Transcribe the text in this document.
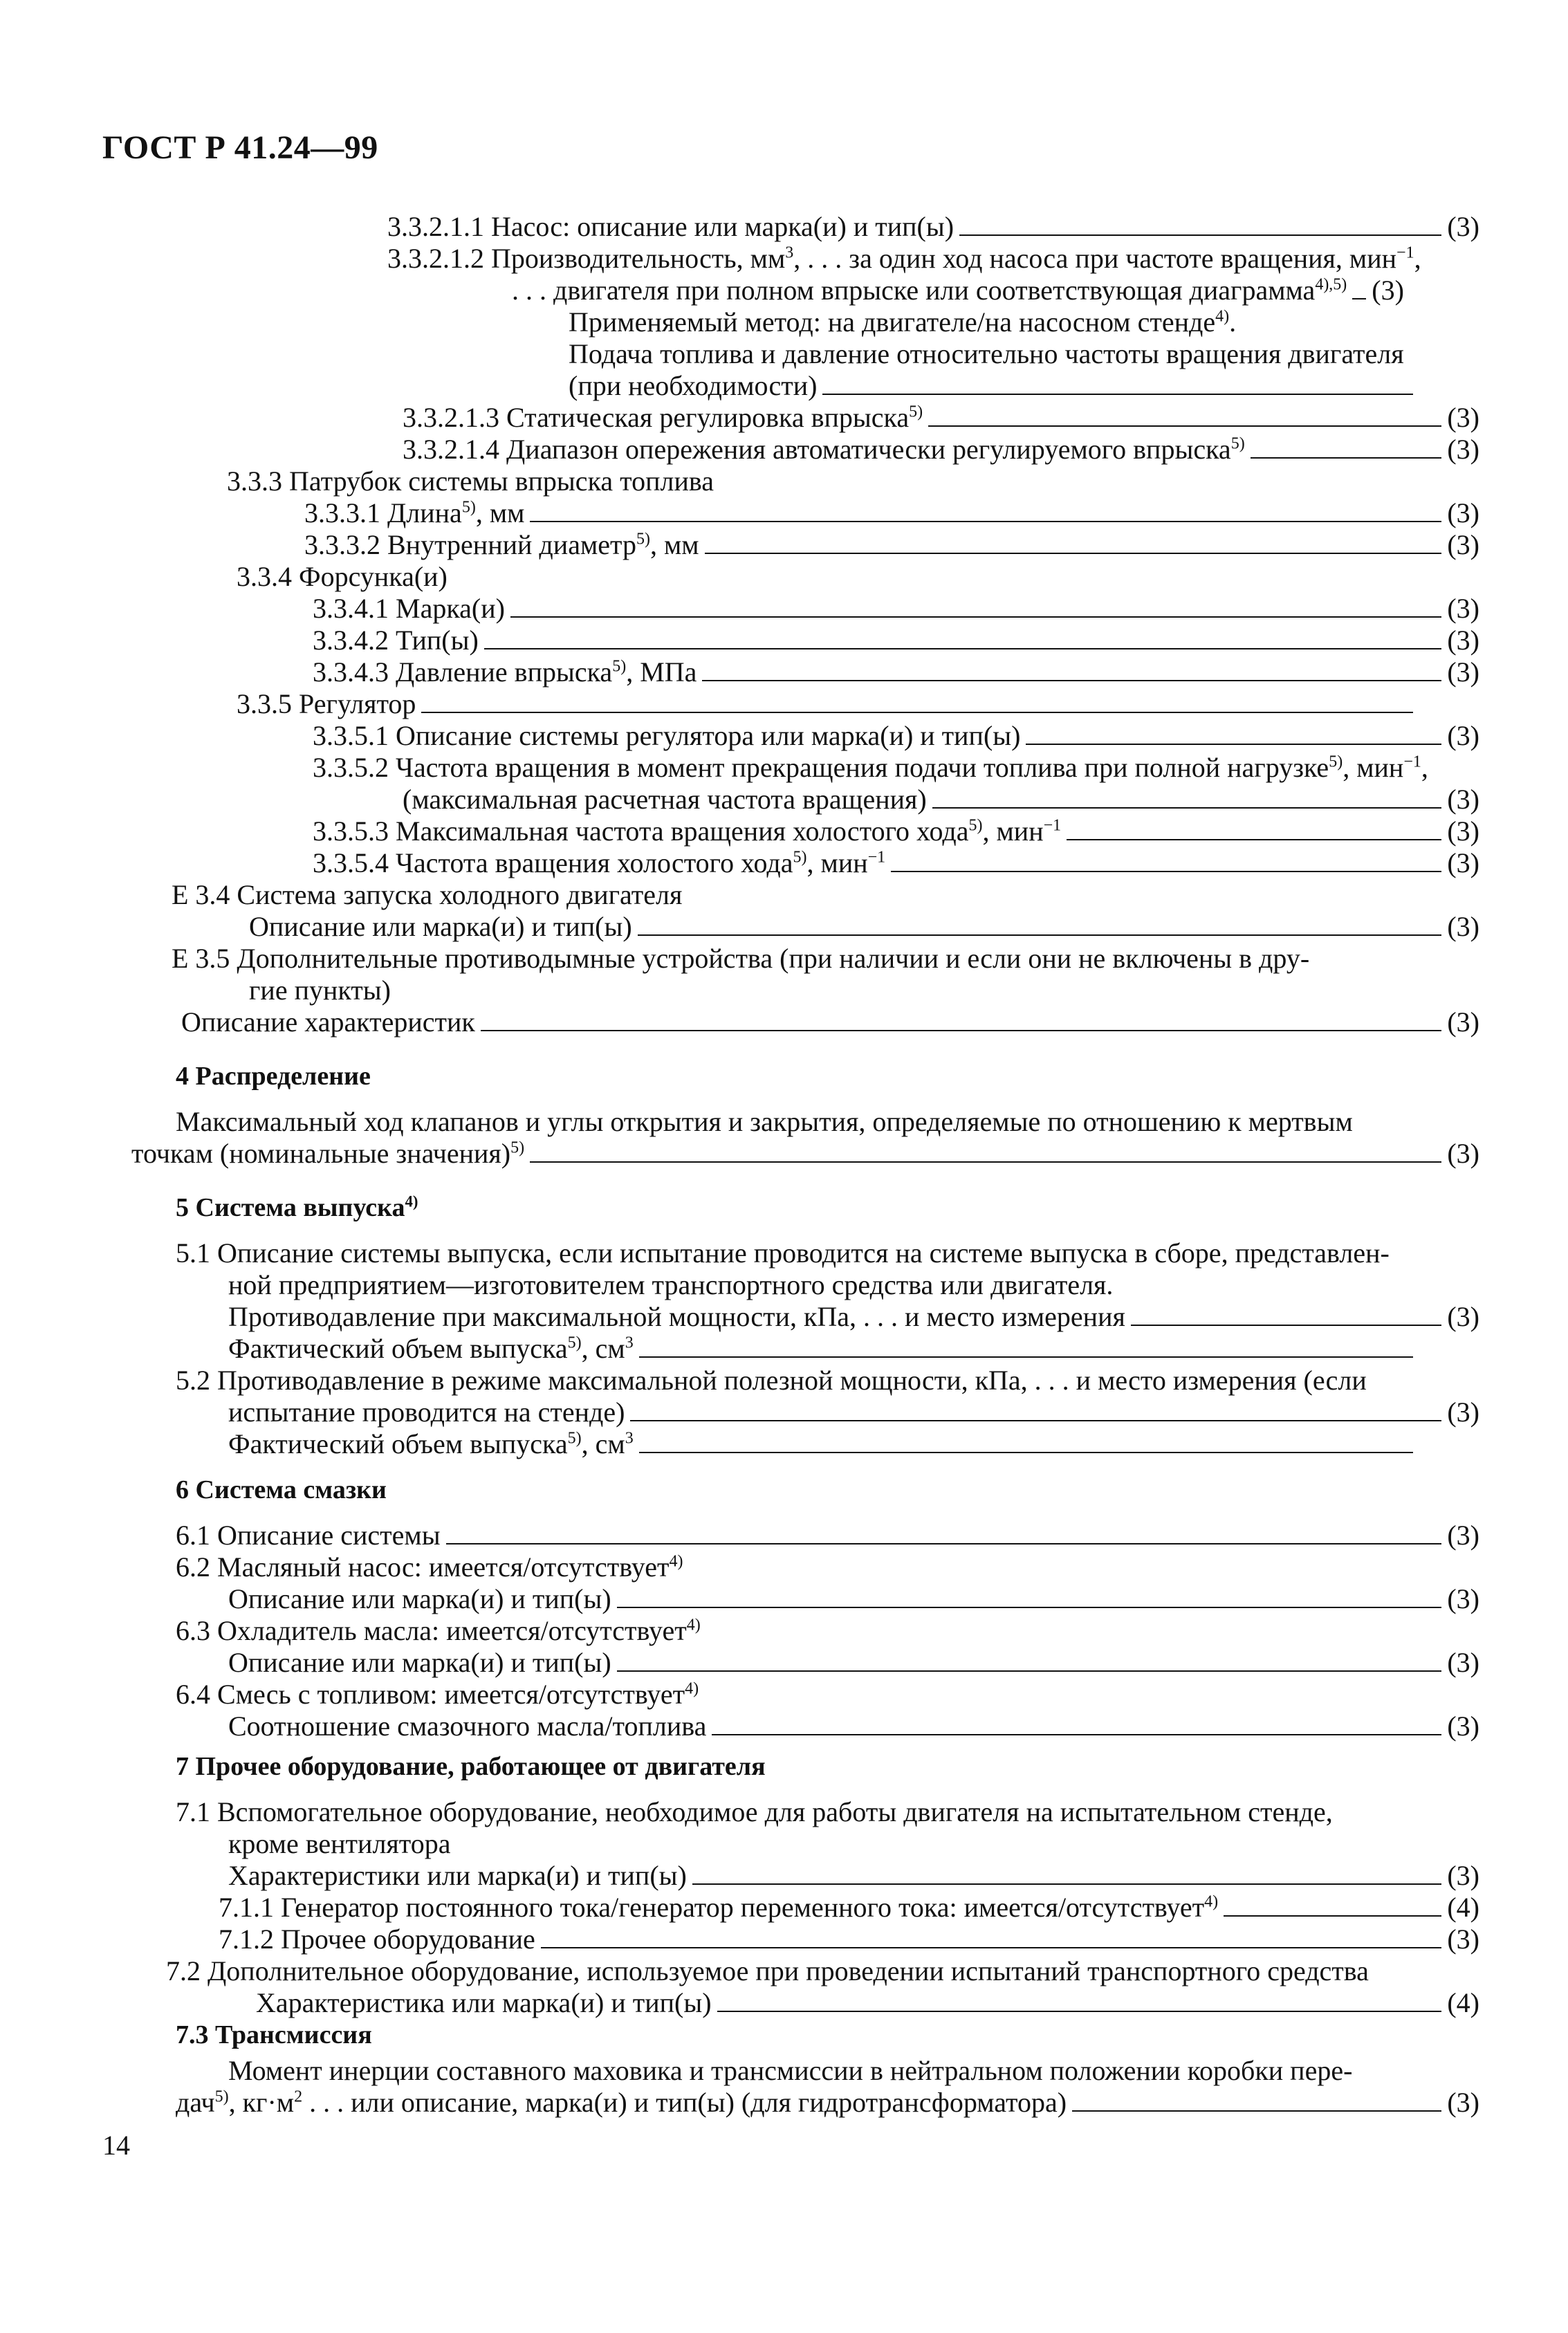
ГОСТ Р 41.24—99
3.3.2.1.1 Насос: описание или марка(и) и тип(ы)	(3)
3.3.2.1.2 Производительность, $мм^3$, . . . за один ход насоса при частоте вращения, мин$^{-1}$,
. . . двигателя при полном впрыске или соответствующая диаграмма$^{4),5)}$ (3)
Применяемый метод: на двигателе/на насосном стенде$^{4)}$.
Подача топлива и давление относительно частоты вращения двигателя
(при необходимости)
3.3.2.1.3 Статическая регулировка впрыска$^{5)}$	(3)
3.3.2.1.4 Диапазон опережения автоматически регулируемого впрыска$^{5)}$	(3)
3.3.3 Патрубок системы впрыска топлива
3.3.3.1 Длина$^{5)}$, мм	(3)
3.3.3.2 Внутренний диаметр$^{5)}$, мм	(3)
3.3.4 Форсунка(и)
3.3.4.1 Марка(и)	(3)
3.3.4.2 Тип(ы)	(3)
3.3.4.3 Давление впрыска$^{5)}$, МПа	(3)
3.3.5 Регулятор
3.3.5.1 Описание системы регулятора или марка(и) и тип(ы)	(3)
3.3.5.2 Частота вращения в момент прекращения подачи топлива при полной нагрузке$^{5)}$, мин$^{-1}$,
(максимальная расчетная частота вращения)	(3)
3.3.5.3 Максимальная частота вращения холостого хода$^{5)}$, мин$^{-1}$	(3)
3.3.5.4 Частота вращения холостого хода$^{5)}$, мин$^{-1}$	(3)
Е 3.4 Система запуска холодного двигателя
Описание или марка(и) и тип(ы)	(3)
Е 3.5 Дополнительные противодымные устройства (при наличии и если они не включены в дру-
гие пункты)
Описание характеристик	(3)
4 Распределение
Максимальный ход клапанов и углы открытия и закрытия, определяемые по отношению к мертвым
точкам (номинальные значения)$^{5)}$	(3)
5 Система выпуска$^{4)}$
5.1 Описание системы выпуска, если испытание проводится на системе выпуска в сборе, представлен-
ной предприятием—изготовителем транспортного средства или двигателя.
Противодавление при максимальной мощности, кПа, . . . и место измерения	(3)
Фактический объем выпуска$^{5)}$, $см^3$
5.2 Противодавление в режиме максимальной полезной мощности, кПа, . . . и место измерения (если
испытание проводится на стенде)	(3)
Фактический объем выпуска$^{5)}$, $см^3$
6 Система смазки
6.1 Описание системы	(3)
6.2 Масляный насос: имеется/отсутствует$^{4)}$
Описание или марка(и) и тип(ы)	(3)
6.3 Охладитель масла: имеется/отсутствует$^{4)}$
Описание или марка(и) и тип(ы)	(3)
6.4 Смесь с топливом: имеется/отсутствует$^{4)}$
Соотношение смазочного масла/топлива	(3)
7 Прочее оборудование, работающее от двигателя
7.1 Вспомогательное оборудование, необходимое для работы двигателя на испытательном стенде,
кроме вентилятора
Характеристики или марка(и) и тип(ы)	(3)
7.1.1 Генератор постоянного тока/генератор переменного тока: имеется/отсутствует$^{4)}$	(4)
7.1.2 Прочее оборудование	(3)
7.2 Дополнительное оборудование, используемое при проведении испытаний транспортного средства
Характеристика или марка(и) и тип(ы)	(4)
7.3 Трансмиссия
Момент инерции составного маховика и трансмиссии в нейтральном положении коробки пере-
дач$^{5)}$, $кг\cdot м^2$ . . . или описание, марка(и) и тип(ы) (для гидротрансформатора)	(3)
14
